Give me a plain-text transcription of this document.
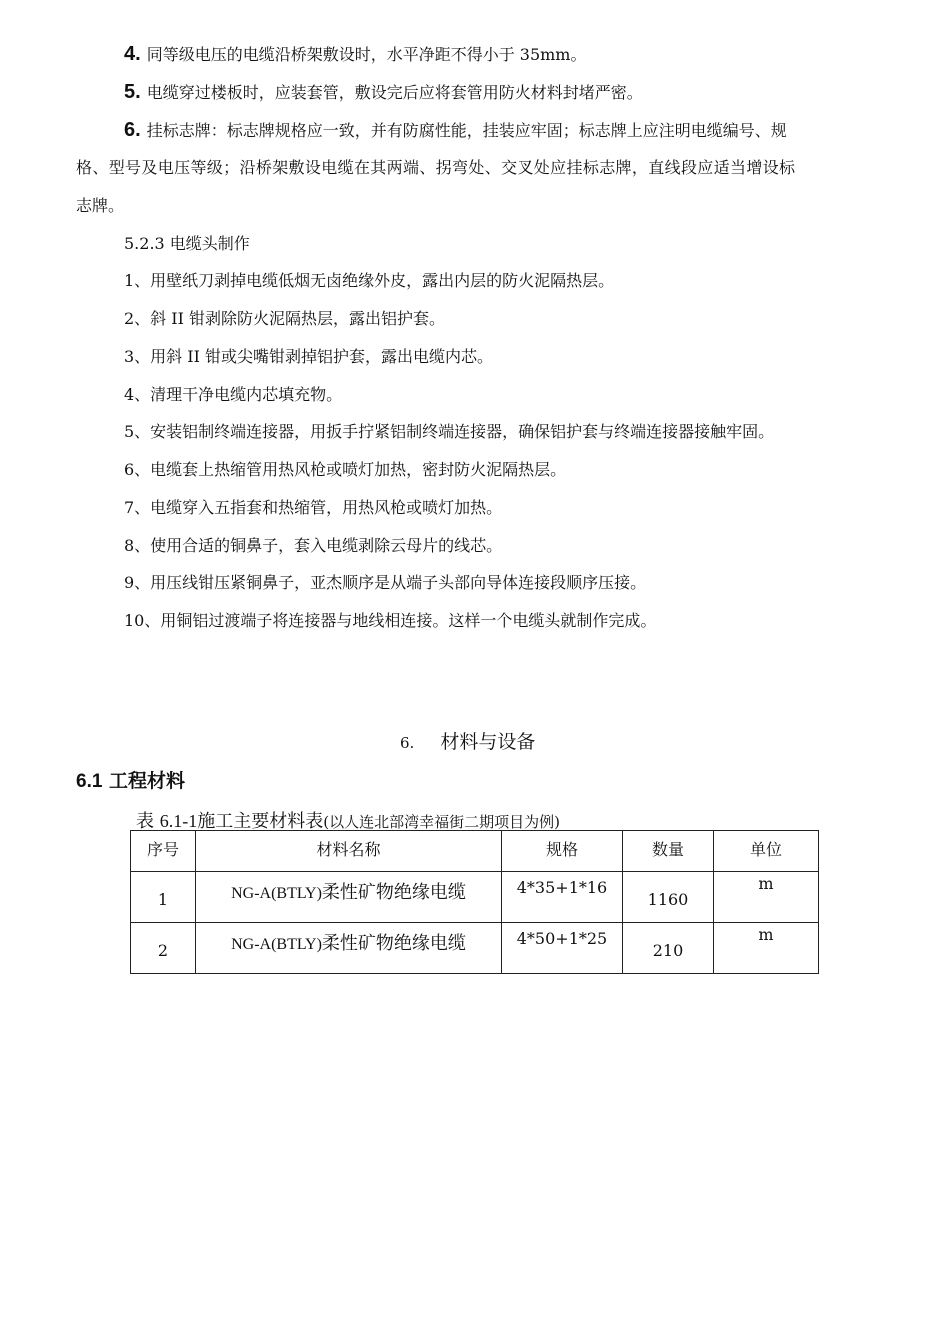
4. 同等级电压的电缆沿桥架敷设时，水平净距不得小于 35mm。
5. 电缆穿过楼板时，应装套管，敷设完后应将套管用防火材料封堵严密。
6. 挂标志牌：标志牌规格应一致，并有防腐性能，挂装应牢固；标志牌上应注明电缆编号、规
格、型号及电压等级；沿桥架敷设电缆在其两端、拐弯处、交叉处应挂标志牌，直线段应适当增设标
志牌。
5.2.3 电缆头制作
1、用壁纸刀剥掉电缆低烟无卤绝缘外皮，露出内层的防火泥隔热层。
2、斜 II 钳剥除防火泥隔热层，露出铝护套。
3、用斜 II 钳或尖嘴钳剥掉铝护套，露出电缆内芯。
4、清理干净电缆内芯填充物。
5、安装铝制终端连接器，用扳手拧紧铝制终端连接器，确保铝护套与终端连接器接触牢固。
6、电缆套上热缩管用热风枪或喷灯加热，密封防火泥隔热层。
7、电缆穿入五指套和热缩管，用热风枪或喷灯加热。
8、使用合适的铜鼻子，套入电缆剥除云母片的线芯。
9、用压线钳压紧铜鼻子，亚杰顺序是从端子头部向导体连接段顺序压接。
10、用铜铝过渡端子将连接器与地线相连接。这样一个电缆头就制作完成。
6. 材料与设备
6.1 工程材料
表 6.1-1施工主要材料表(以人连北部湾幸福街二期项目为例)
序号	材料名称	规格	数量	单位
1	NG-A(BTLY)柔性矿物绝缘电缆	4*35+1*16	1160	m
2	NG-A(BTLY)柔性矿物绝缘电缆	4*50+1*25	210	m
